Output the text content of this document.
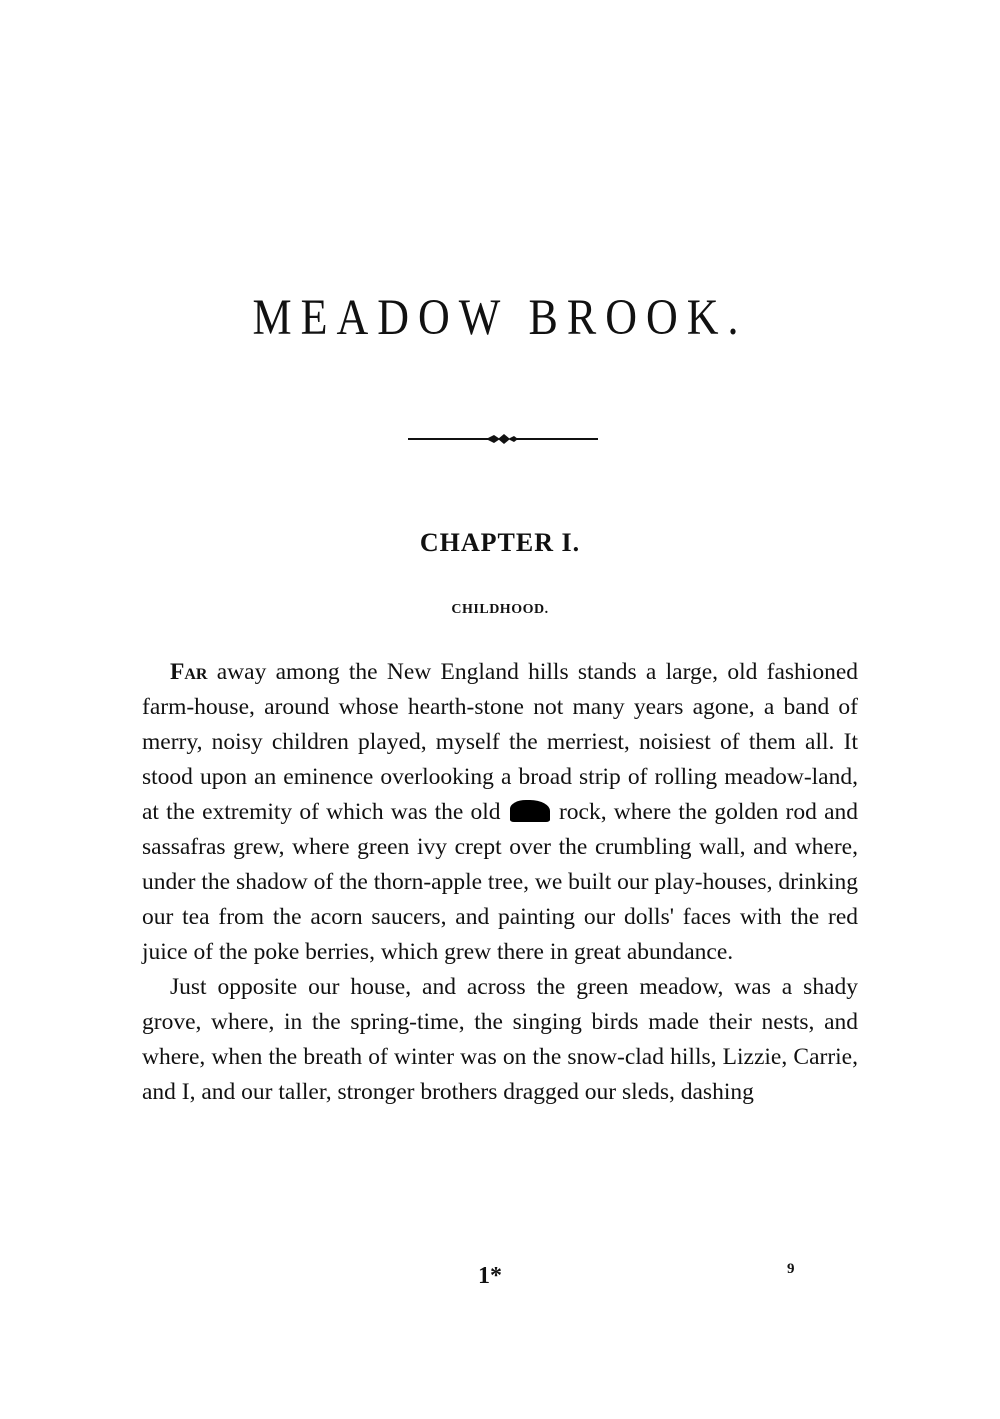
MEADOW BROOK.
CHAPTER I.
CHILDHOOD.

Far away among the New England hills stands a large, old fashioned farm-house, around whose hearth-stone not many years agone, a band of merry, noisy children played, myself the merriest, noisiest of them all. It stood upon an eminence overlooking a broad strip of rolling meadow-land, at the extremity of which was the old  rock, where the golden rod and sassafras grew, where green ivy crept over the crumbling wall, and where, under the shadow of the thorn-apple tree, we built our play-houses, drinking our tea from the acorn saucers, and painting our dolls' faces with the red juice of the poke berries, which grew there in great abundance.

Just opposite our house, and across the green meadow, was a shady grove, where, in the spring-time, the singing birds made their nests, and where, when the breath of winter was on the snow-clad hills, Lizzie, Carrie, and I, and our taller, stronger brothers dragged our sleds, dashing

1*	9
